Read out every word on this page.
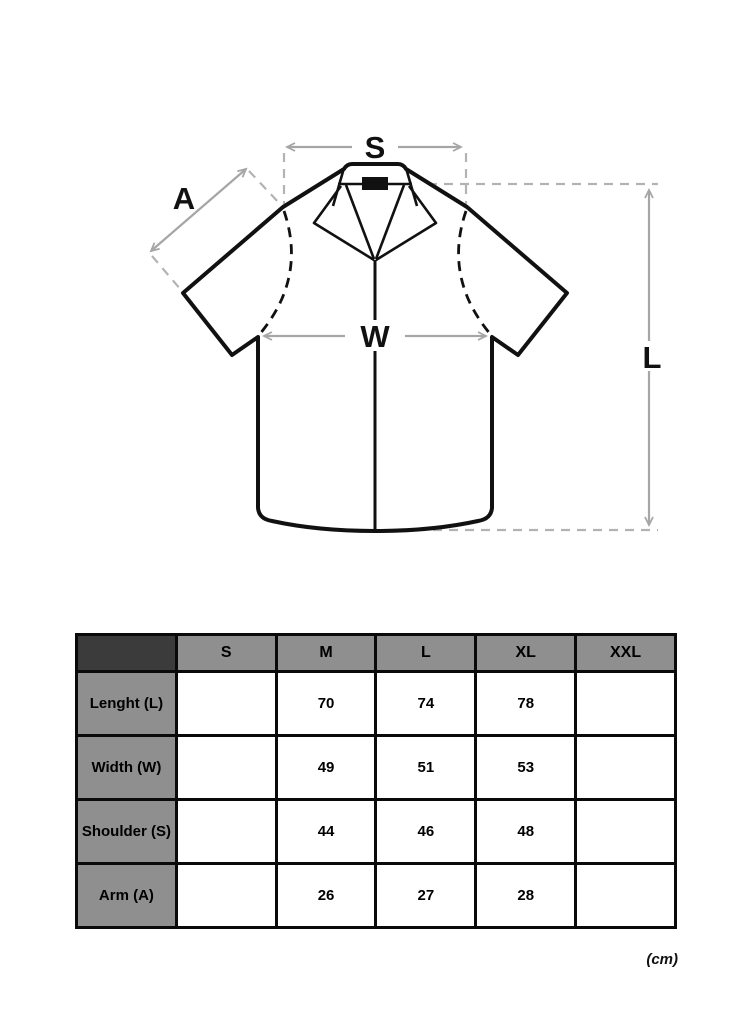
S
A
W
L
	S	M	L	XL	XXL
Lenght (L)		70	74	78	
Width (W)		49	51	53	
Shoulder (S)		44	46	48	
Arm (A)		26	27	28	
(cm)
